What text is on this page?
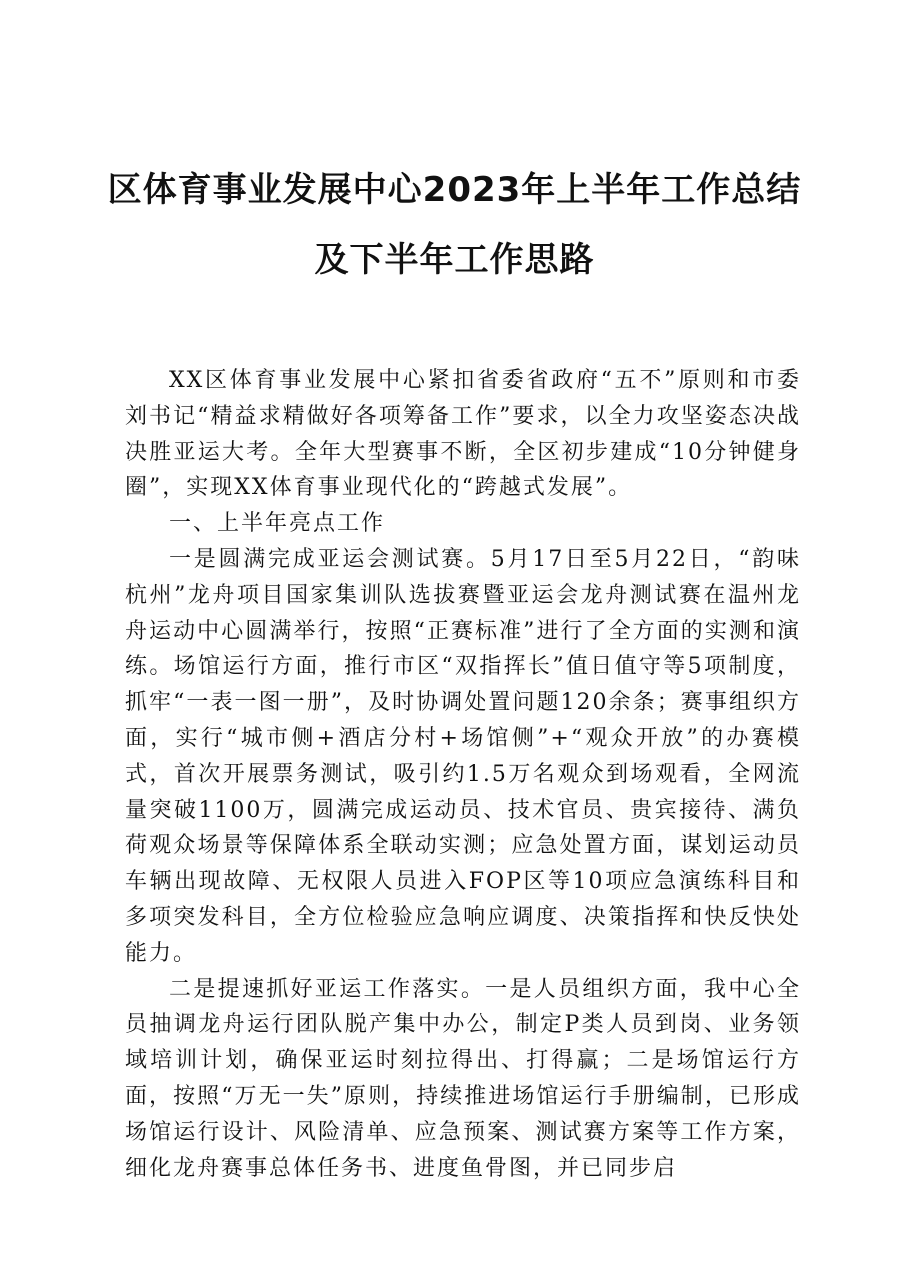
区体育事业发展中心2023年上半年工作总结
及下半年工作思路

XX区体育事业发展中心紧扣省委省政府“五不”原则和市委刘书记“精益求精做好各项筹备工作”要求，以全力攻坚姿态决战决胜亚运大考。全年大型赛事不断，全区初步建成“10分钟健身圈”，实现XX体育事业现代化的“跨越式发展”。

一、上半年亮点工作

一是圆满完成亚运会测试赛。5月17日至5月22日，“韵味杭州”龙舟项目国家集训队选拔赛暨亚运会龙舟测试赛在温州龙舟运动中心圆满举行，按照“正赛标准”进行了全方面的实测和演练。场馆运行方面，推行市区“双指挥长”值日值守等5项制度，抓牢“一表一图一册”，及时协调处置问题120余条；赛事组织方面，实行“城市侧+酒店分村+场馆侧”+“观众开放”的办赛模式，首次开展票务测试，吸引约1.5万名观众到场观看，全网流量突破1100万，圆满完成运动员、技术官员、贵宾接待、满负荷观众场景等保障体系全联动实测；应急处置方面，谋划运动员车辆出现故障、无权限人员进入FOP区等10项应急演练科目和多项突发科目，全方位检验应急响应调度、决策指挥和快反快处能力。

二是提速抓好亚运工作落实。一是人员组织方面，我中心全员抽调龙舟运行团队脱产集中办公，制定P类人员到岗、业务领域培训计划，确保亚运时刻拉得出、打得赢；二是场馆运行方面，按照“万无一失”原则，持续推进场馆运行手册编制，已形成场馆运行设计、风险清单、应急预案、测试赛方案等工作方案，细化龙舟赛事总体任务书、进度鱼骨图，并已同步启
